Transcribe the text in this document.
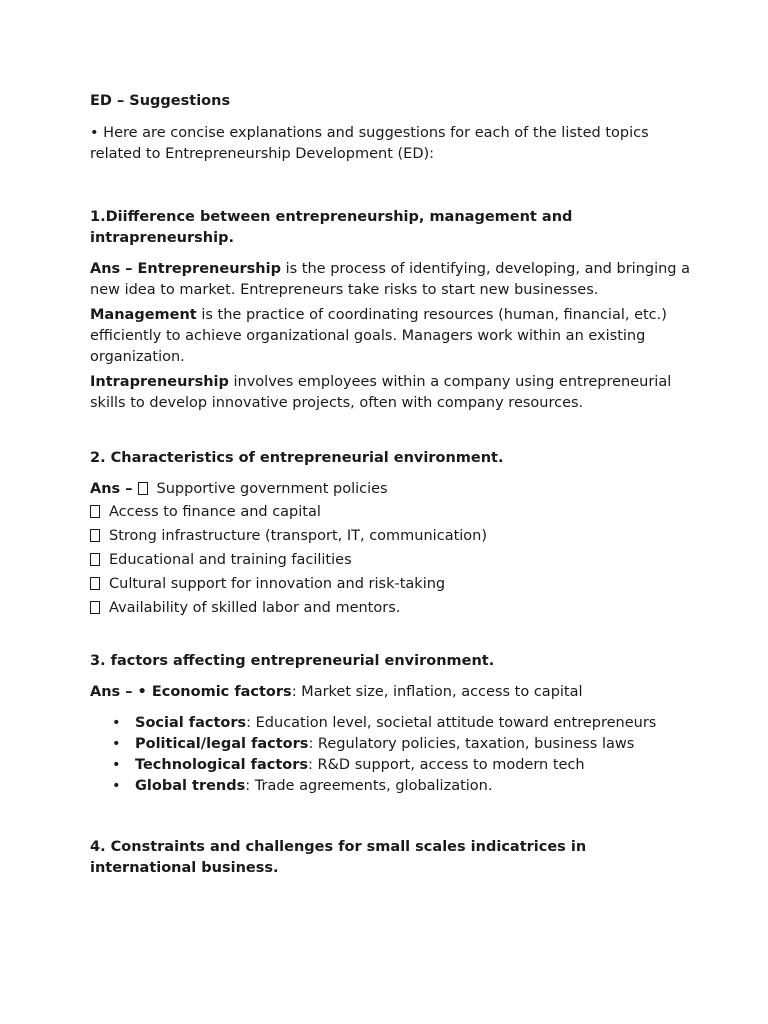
ED – Suggestions

• Here are concise explanations and suggestions for each of the listed topics related to Entrepreneurship Development (ED):

1.Diifference between entrepreneurship, management and intrapreneurship.

Ans – Entrepreneurship is the process of identifying, developing, and bringing a new idea to market. Entrepreneurs take risks to start new businesses.

Management is the practice of coordinating resources (human, financial, etc.) efficiently to achieve organizational goals. Managers work within an existing organization.

Intrapreneurship involves employees within a company using entrepreneurial skills to develop innovative projects, often with company resources.

2. Characteristics of entrepreneurial environment.

Ans – Supportive government policies

Access to finance and capital

Strong infrastructure (transport, IT, communication)

Educational and training facilities

Cultural support for innovation and risk-taking

Availability of skilled labor and mentors.

3. factors affecting entrepreneurial environment.

Ans – • Economic factors: Market size, inflation, access to capital

• Social factors: Education level, societal attitude toward entrepreneurs
• Political/legal factors: Regulatory policies, taxation, business laws
• Technological factors: R&D support, access to modern tech
• Global trends: Trade agreements, globalization.

4. Constraints and challenges for small scales indicatrices in international business.
